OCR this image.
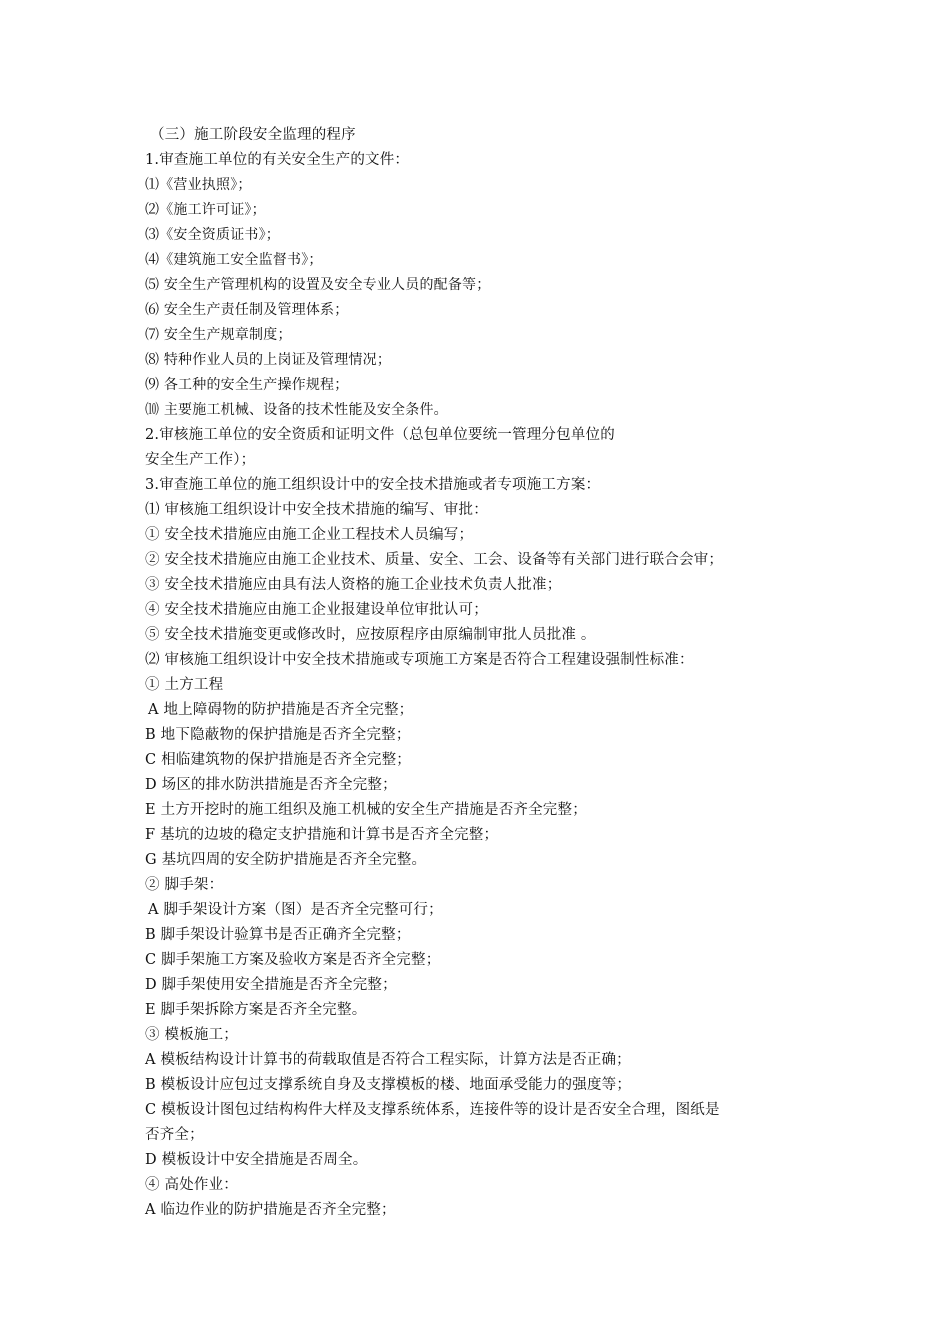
（三）施工阶段安全监理的程序
1.审查施工单位的有关安全生产的文件：
⑴《营业执照》；
⑵《施工许可证》；
⑶《安全资质证书》；
⑷《建筑施工安全监督书》；
⑸ 安全生产管理机构的设置及安全专业人员的配备等；
⑹ 安全生产责任制及管理体系；
⑺ 安全生产规章制度；
⑻ 特种作业人员的上岗证及管理情况；
⑼ 各工种的安全生产操作规程；
⑽ 主要施工机械、设备的技术性能及安全条件。
2.审核施工单位的安全资质和证明文件（总包单位要统一管理分包单位的
安全生产工作）；
3.审查施工单位的施工组织设计中的安全技术措施或者专项施工方案：
⑴ 审核施工组织设计中安全技术措施的编写、审批：
① 安全技术措施应由施工企业工程技术人员编写；
② 安全技术措施应由施工企业技术、质量、安全、工会、设备等有关部门进行联合会审；
③ 安全技术措施应由具有法人资格的施工企业技术负责人批准；
④ 安全技术措施应由施工企业报建设单位审批认可；
⑤ 安全技术措施变更或修改时，应按原程序由原编制审批人员批准 。
⑵ 审核施工组织设计中安全技术措施或专项施工方案是否符合工程建设强制性标准：
① 土方工程
A 地上障碍物的防护措施是否齐全完整；
B 地下隐蔽物的保护措施是否齐全完整；
C 相临建筑物的保护措施是否齐全完整；
D 场区的排水防洪措施是否齐全完整；
E 土方开挖时的施工组织及施工机械的安全生产措施是否齐全完整；
F 基坑的边坡的稳定支护措施和计算书是否齐全完整；
G 基坑四周的安全防护措施是否齐全完整。
② 脚手架：
A 脚手架设计方案（图）是否齐全完整可行；
B 脚手架设计验算书是否正确齐全完整；
C 脚手架施工方案及验收方案是否齐全完整；
D 脚手架使用安全措施是否齐全完整；
E 脚手架拆除方案是否齐全完整。
③ 模板施工；
A 模板结构设计计算书的荷载取值是否符合工程实际，计算方法是否正确；
B 模板设计应包过支撑系统自身及支撑模板的楼、地面承受能力的强度等；
C 模板设计图包过结构构件大样及支撑系统体系，连接件等的设计是否安全合理，图纸是
否齐全；
D 模板设计中安全措施是否周全。
④ 高处作业：
A 临边作业的防护措施是否齐全完整；
